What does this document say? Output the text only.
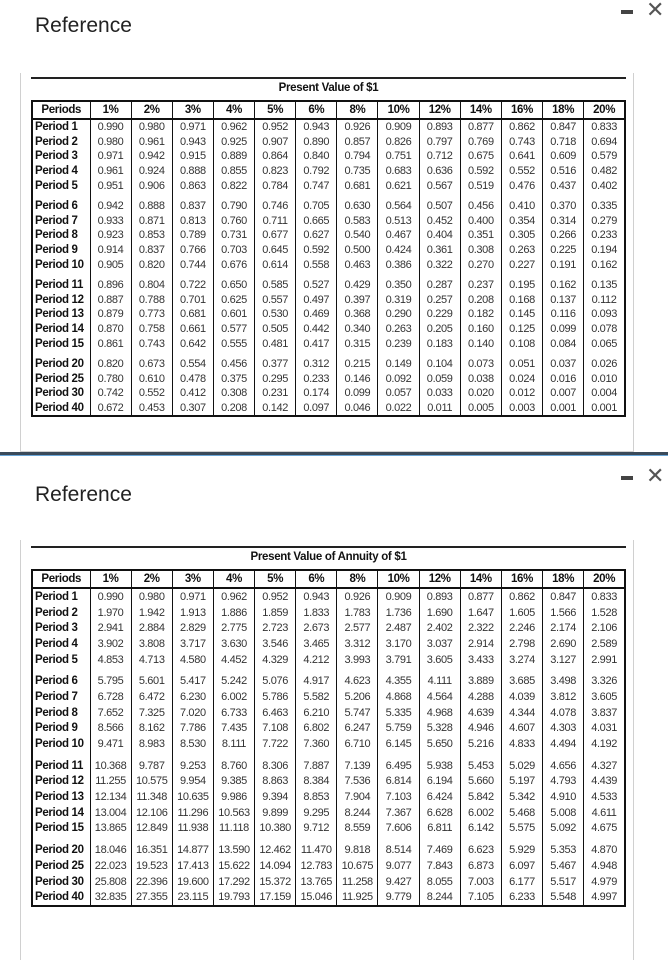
Reference
✕
Present Value of $1
Periods	1%	2%	3%	4%	5%	6%	8%	10%	12%	14%	16%	18%	20%
Period 1	0.990	0.980	0.971	0.962	0.952	0.943	0.926	0.909	0.893	0.877	0.862	0.847	0.833
Period 2	0.980	0.961	0.943	0.925	0.907	0.890	0.857	0.826	0.797	0.769	0.743	0.718	0.694
Period 3	0.971	0.942	0.915	0.889	0.864	0.840	0.794	0.751	0.712	0.675	0.641	0.609	0.579
Period 4	0.961	0.924	0.888	0.855	0.823	0.792	0.735	0.683	0.636	0.592	0.552	0.516	0.482
Period 5	0.951	0.906	0.863	0.822	0.784	0.747	0.681	0.621	0.567	0.519	0.476	0.437	0.402
Period 6	0.942	0.888	0.837	0.790	0.746	0.705	0.630	0.564	0.507	0.456	0.410	0.370	0.335
Period 7	0.933	0.871	0.813	0.760	0.711	0.665	0.583	0.513	0.452	0.400	0.354	0.314	0.279
Period 8	0.923	0.853	0.789	0.731	0.677	0.627	0.540	0.467	0.404	0.351	0.305	0.266	0.233
Period 9	0.914	0.837	0.766	0.703	0.645	0.592	0.500	0.424	0.361	0.308	0.263	0.225	0.194
Period 10	0.905	0.820	0.744	0.676	0.614	0.558	0.463	0.386	0.322	0.270	0.227	0.191	0.162
Period 11	0.896	0.804	0.722	0.650	0.585	0.527	0.429	0.350	0.287	0.237	0.195	0.162	0.135
Period 12	0.887	0.788	0.701	0.625	0.557	0.497	0.397	0.319	0.257	0.208	0.168	0.137	0.112
Period 13	0.879	0.773	0.681	0.601	0.530	0.469	0.368	0.290	0.229	0.182	0.145	0.116	0.093
Period 14	0.870	0.758	0.661	0.577	0.505	0.442	0.340	0.263	0.205	0.160	0.125	0.099	0.078
Period 15	0.861	0.743	0.642	0.555	0.481	0.417	0.315	0.239	0.183	0.140	0.108	0.084	0.065
Period 20	0.820	0.673	0.554	0.456	0.377	0.312	0.215	0.149	0.104	0.073	0.051	0.037	0.026
Period 25	0.780	0.610	0.478	0.375	0.295	0.233	0.146	0.092	0.059	0.038	0.024	0.016	0.010
Period 30	0.742	0.552	0.412	0.308	0.231	0.174	0.099	0.057	0.033	0.020	0.012	0.007	0.004
Period 40	0.672	0.453	0.307	0.208	0.142	0.097	0.046	0.022	0.011	0.005	0.003	0.001	0.001
Reference
✕
Present Value of Annuity of $1
Periods	1%	2%	3%	4%	5%	6%	8%	10%	12%	14%	16%	18%	20%
Period 1	0.990	0.980	0.971	0.962	0.952	0.943	0.926	0.909	0.893	0.877	0.862	0.847	0.833
Period 2	1.970	1.942	1.913	1.886	1.859	1.833	1.783	1.736	1.690	1.647	1.605	1.566	1.528
Period 3	2.941	2.884	2.829	2.775	2.723	2.673	2.577	2.487	2.402	2.322	2.246	2.174	2.106
Period 4	3.902	3.808	3.717	3.630	3.546	3.465	3.312	3.170	3.037	2.914	2.798	2.690	2.589
Period 5	4.853	4.713	4.580	4.452	4.329	4.212	3.993	3.791	3.605	3.433	3.274	3.127	2.991
Period 6	5.795	5.601	5.417	5.242	5.076	4.917	4.623	4.355	4.111	3.889	3.685	3.498	3.326
Period 7	6.728	6.472	6.230	6.002	5.786	5.582	5.206	4.868	4.564	4.288	4.039	3.812	3.605
Period 8	7.652	7.325	7.020	6.733	6.463	6.210	5.747	5.335	4.968	4.639	4.344	4.078	3.837
Period 9	8.566	8.162	7.786	7.435	7.108	6.802	6.247	5.759	5.328	4.946	4.607	4.303	4.031
Period 10	9.471	8.983	8.530	8.111	7.722	7.360	6.710	6.145	5.650	5.216	4.833	4.494	4.192
Period 11	10.368	9.787	9.253	8.760	8.306	7.887	7.139	6.495	5.938	5.453	5.029	4.656	4.327
Period 12	11.255	10.575	9.954	9.385	8.863	8.384	7.536	6.814	6.194	5.660	5.197	4.793	4.439
Period 13	12.134	11.348	10.635	9.986	9.394	8.853	7.904	7.103	6.424	5.842	5.342	4.910	4.533
Period 14	13.004	12.106	11.296	10.563	9.899	9.295	8.244	7.367	6.628	6.002	5.468	5.008	4.611
Period 15	13.865	12.849	11.938	11.118	10.380	9.712	8.559	7.606	6.811	6.142	5.575	5.092	4.675
Period 20	18.046	16.351	14.877	13.590	12.462	11.470	9.818	8.514	7.469	6.623	5.929	5.353	4.870
Period 25	22.023	19.523	17.413	15.622	14.094	12.783	10.675	9.077	7.843	6.873	6.097	5.467	4.948
Period 30	25.808	22.396	19.600	17.292	15.372	13.765	11.258	9.427	8.055	7.003	6.177	5.517	4.979
Period 40	32.835	27.355	23.115	19.793	17.159	15.046	11.925	9.779	8.244	7.105	6.233	5.548	4.997
